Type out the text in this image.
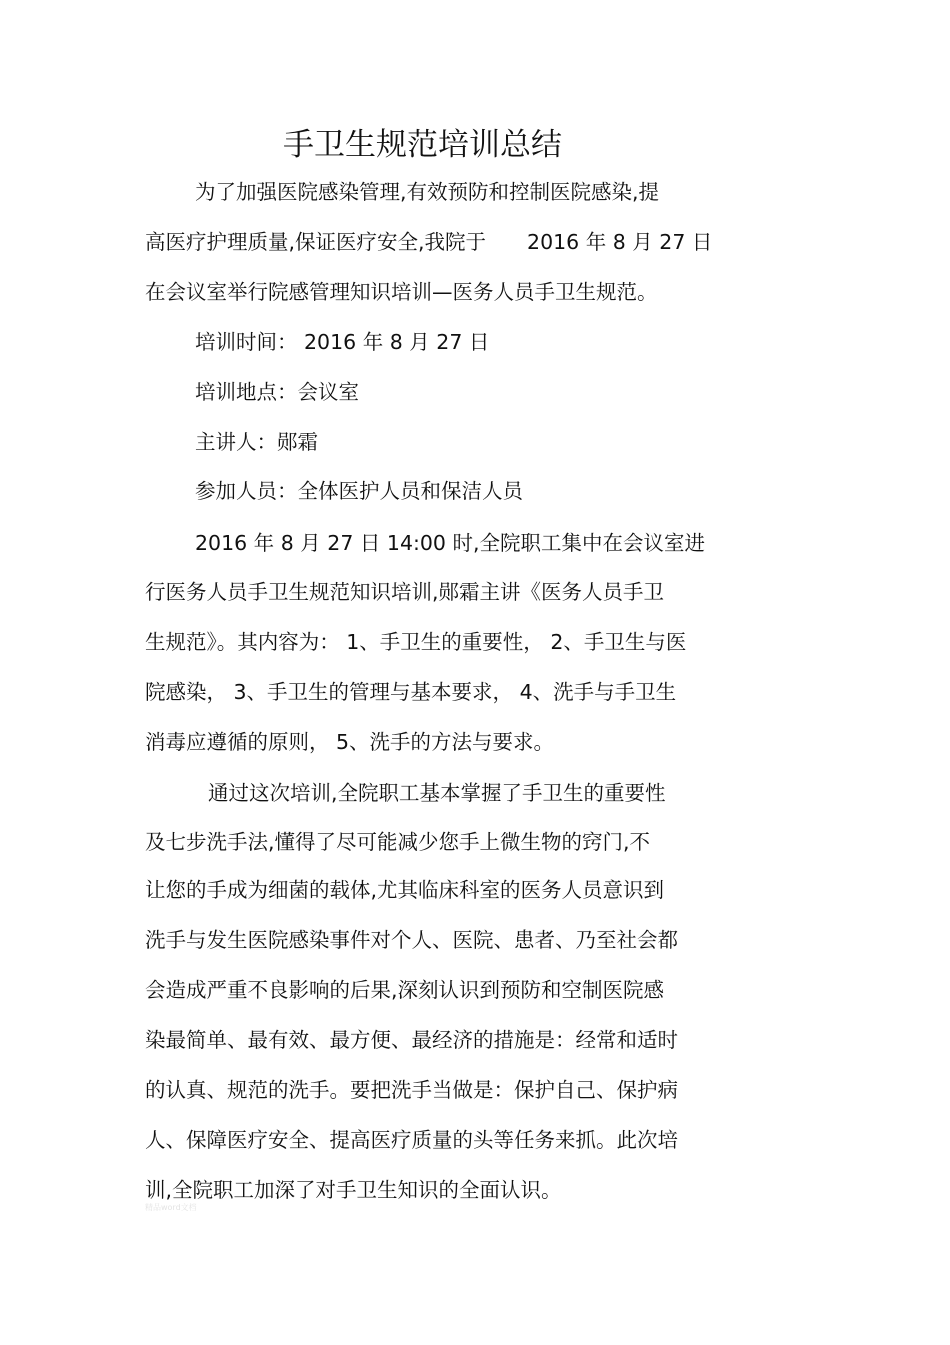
手卫生规范培训总结
为了加强医院感染管理,有效预防和控制医院感染,提
高医疗护理质量,保证医疗安全,我院于　　2016 年 8 月 27 日
在会议室举行院感管理知识培训—医务人员手卫生规范。
培训时间： 2016 年 8 月 27 日
培训地点：会议室
主讲人：郧霜
参加人员：全体医护人员和保洁人员
2016 年 8 月 27 日 14:00 时,全院职工集中在会议室进
行医务人员手卫生规范知识培训,郧霜主讲《医务人员手卫
生规范》。其内容为： 1、手卫生的重要性， 2、手卫生与医
院感染， 3、手卫生的管理与基本要求， 4、洗手与手卫生
消毒应遵循的原则， 5、洗手的方法与要求。
通过这次培训,全院职工基本掌握了手卫生的重要性
及七步洗手法,懂得了尽可能减少您手上微生物的窍门,不
让您的手成为细菌的载体,尤其临床科室的医务人员意识到
洗手与发生医院感染事件对个人、医院、患者、乃至社会都
会造成严重不良影响的后果,深刻认识到预防和空制医院感
染最简单、最有效、最方便、最经济的措施是：经常和适时
的认真、规范的洗手。要把洗手当做是：保护自己、保护病
人、保障医疗安全、提高医疗质量的头等任务来抓。此次培
训,全院职工加深了对手卫生知识的全面认识。
精品word文档
